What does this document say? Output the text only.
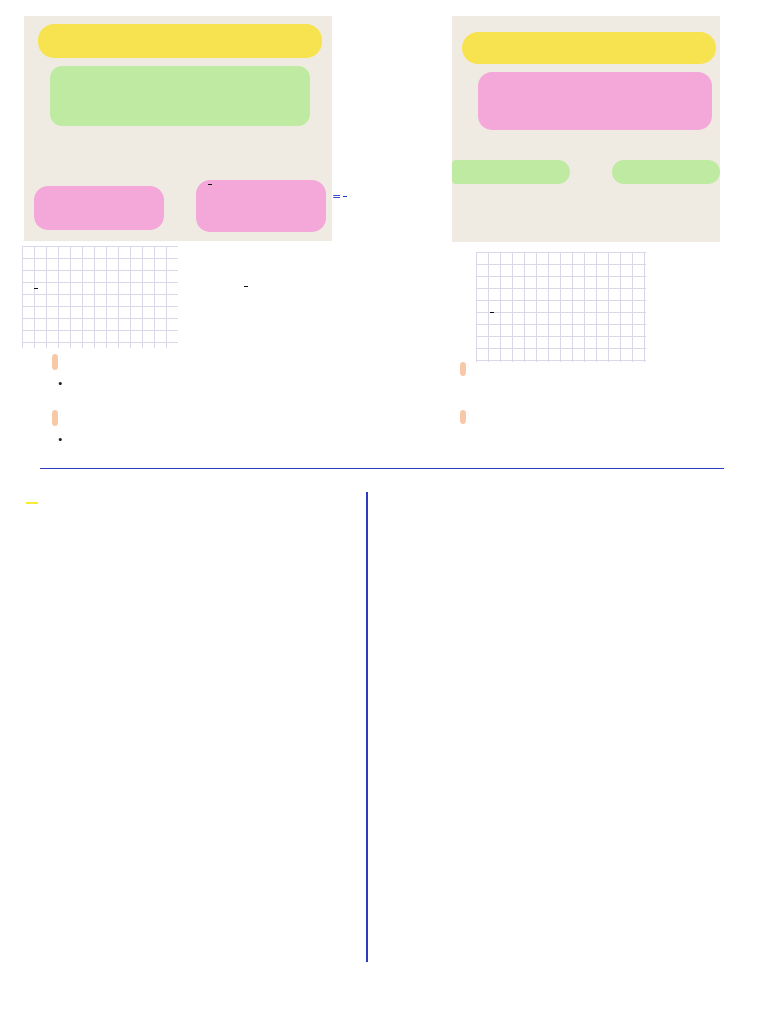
=
•
•
